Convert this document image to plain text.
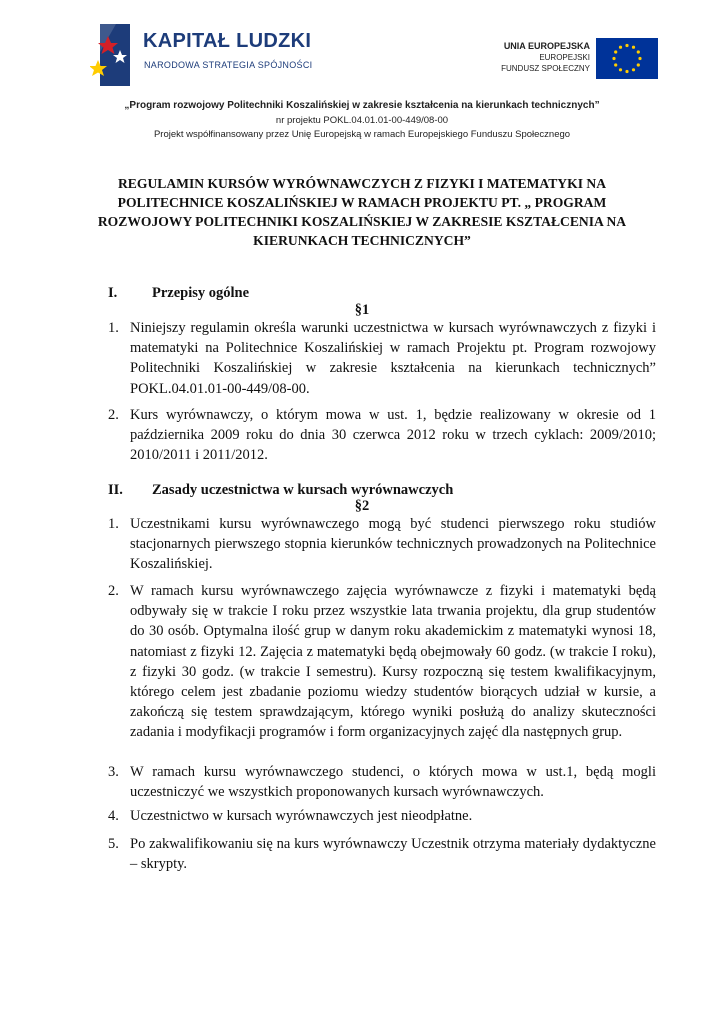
KAPITAŁ LUDZKI
NARODOWA STRATEGIA SPÓJNOŚCI
UNIA EUROPEJSKA
EUROPEJSKI
FUNDUSZ SPOŁECZNY
„Program rozwojowy Politechniki Koszalińskiej w zakresie kształcenia na kierunkach technicznych”
nr projektu POKL.04.01.01-00-449/08-00
Projekt współfinansowany przez Unię Europejską w ramach Europejskiego Funduszu Społecznego
REGULAMIN KURSÓW WYRÓWNAWCZYCH Z FIZYKI I MATEMATYKI NA POLITECHNICE KOSZALIŃSKIEJ W RAMACH PROJEKTU PT. „ PROGRAM ROZWOJOWY POLITECHNIKI KOSZALIŃSKIEJ W ZAKRESIE KSZTAŁCENIA NA KIERUNKACH TECHNICZNYCH”
I. Przepisy ogólne
§1
1. Niniejszy regulamin określa warunki uczestnictwa w kursach wyrównawczych z fizyki i matematyki na Politechnice Koszalińskiej w ramach Projektu pt. Program rozwojowy Politechniki Koszalińskiej w zakresie kształcenia na kierunkach technicznych” POKL.04.01.01-00-449/08-00.
2. Kurs wyrównawczy, o którym mowa w ust. 1, będzie realizowany w okresie od 1 października 2009 roku do dnia 30 czerwca 2012 roku w trzech cyklach: 2009/2010; 2010/2011 i 2011/2012.
II. Zasady uczestnictwa w kursach wyrównawczych
§2
1. Uczestnikami kursu wyrównawczego mogą być studenci pierwszego roku studiów stacjonarnych pierwszego stopnia kierunków technicznych prowadzonych na Politechnice Koszalińskiej.
2. W ramach kursu wyrównawczego zajęcia wyrównawcze z fizyki i matematyki będą odbywały się w trakcie I roku przez wszystkie lata trwania projektu, dla grup studentów do 30 osób. Optymalna ilość grup w danym roku akademickim z matematyki wynosi 18, natomiast z fizyki 12. Zajęcia z matematyki będą obejmowały 60 godz. (w trakcie I roku), z fizyki 30 godz. (w trakcie I semestru). Kursy rozpoczną się testem kwalifikacyjnym, którego celem jest zbadanie poziomu wiedzy studentów biorących udział w kursie, a zakończą się testem sprawdzającym, którego wyniki posłużą do analizy skuteczności zadania i modyfikacji programów i form organizacyjnych zajęć dla następnych grup.
3. W ramach kursu wyrównawczego studenci, o których mowa w ust.1, będą mogli uczestniczyć we wszystkich proponowanych kursach wyrównawczych.
4. Uczestnictwo w kursach wyrównawczych jest nieodpłatne.
5. Po zakwalifikowaniu się na kurs wyrównawczy Uczestnik otrzyma materiały dydaktyczne – skrypty.
